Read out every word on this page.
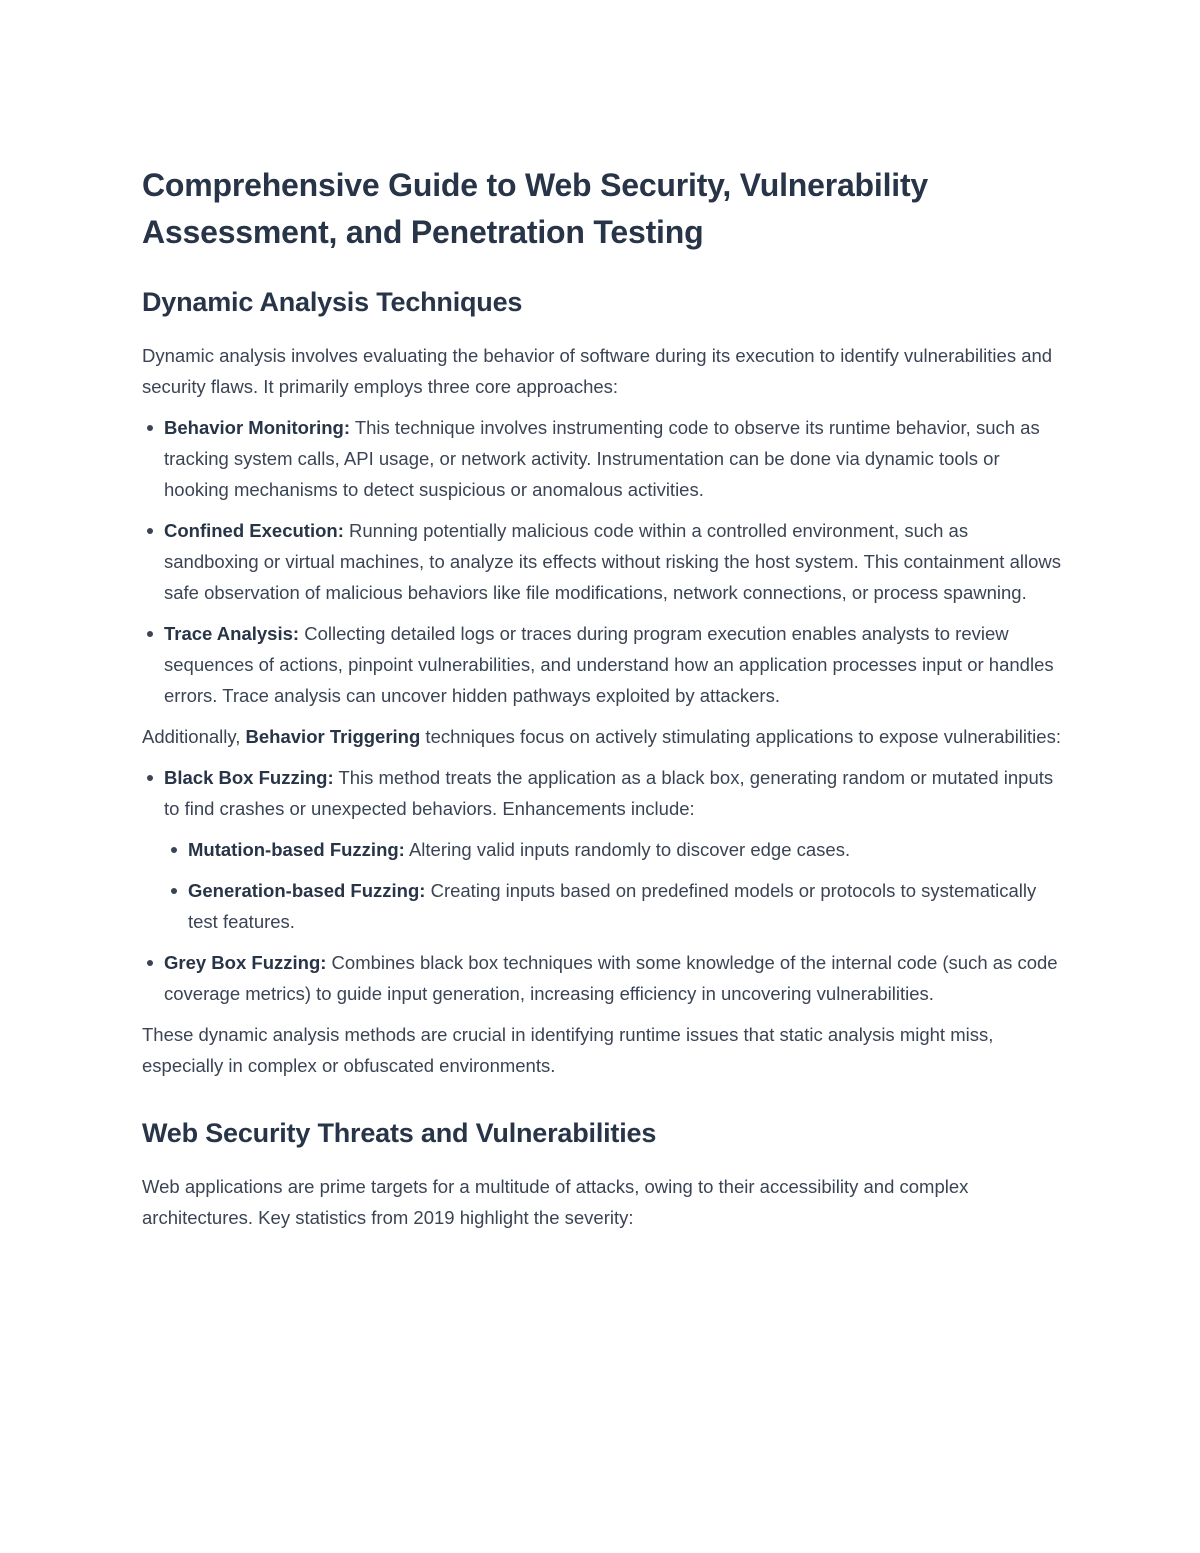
Comprehensive Guide to Web Security, Vulnerability Assessment, and Penetration Testing
Dynamic Analysis Techniques

Dynamic analysis involves evaluating the behavior of software during its execution to identify vulnerabilities and security flaws. It primarily employs three core approaches:

Behavior Monitoring: This technique involves instrumenting code to observe its runtime behavior, such as tracking system calls, API usage, or network activity. Instrumentation can be done via dynamic tools or hooking mechanisms to detect suspicious or anomalous activities.
Confined Execution: Running potentially malicious code within a controlled environment, such as sandboxing or virtual machines, to analyze its effects without risking the host system. This containment allows safe observation of malicious behaviors like file modifications, network connections, or process spawning.
Trace Analysis: Collecting detailed logs or traces during program execution enables analysts to review sequences of actions, pinpoint vulnerabilities, and understand how an application processes input or handles errors. Trace analysis can uncover hidden pathways exploited by attackers.

Additionally, Behavior Triggering techniques focus on actively stimulating applications to expose vulnerabilities:

Black Box Fuzzing: This method treats the application as a black box, generating random or mutated inputs to find crashes or unexpected behaviors. Enhancements include:
Mutation-based Fuzzing: Altering valid inputs randomly to discover edge cases.
Generation-based Fuzzing: Creating inputs based on predefined models or protocols to systematically test features.
Grey Box Fuzzing: Combines black box techniques with some knowledge of the internal code (such as code coverage metrics) to guide input generation, increasing efficiency in uncovering vulnerabilities.

These dynamic analysis methods are crucial in identifying runtime issues that static analysis might miss, especially in complex or obfuscated environments.

Web Security Threats and Vulnerabilities

Web applications are prime targets for a multitude of attacks, owing to their accessibility and complex architectures. Key statistics from 2019 highlight the severity:
